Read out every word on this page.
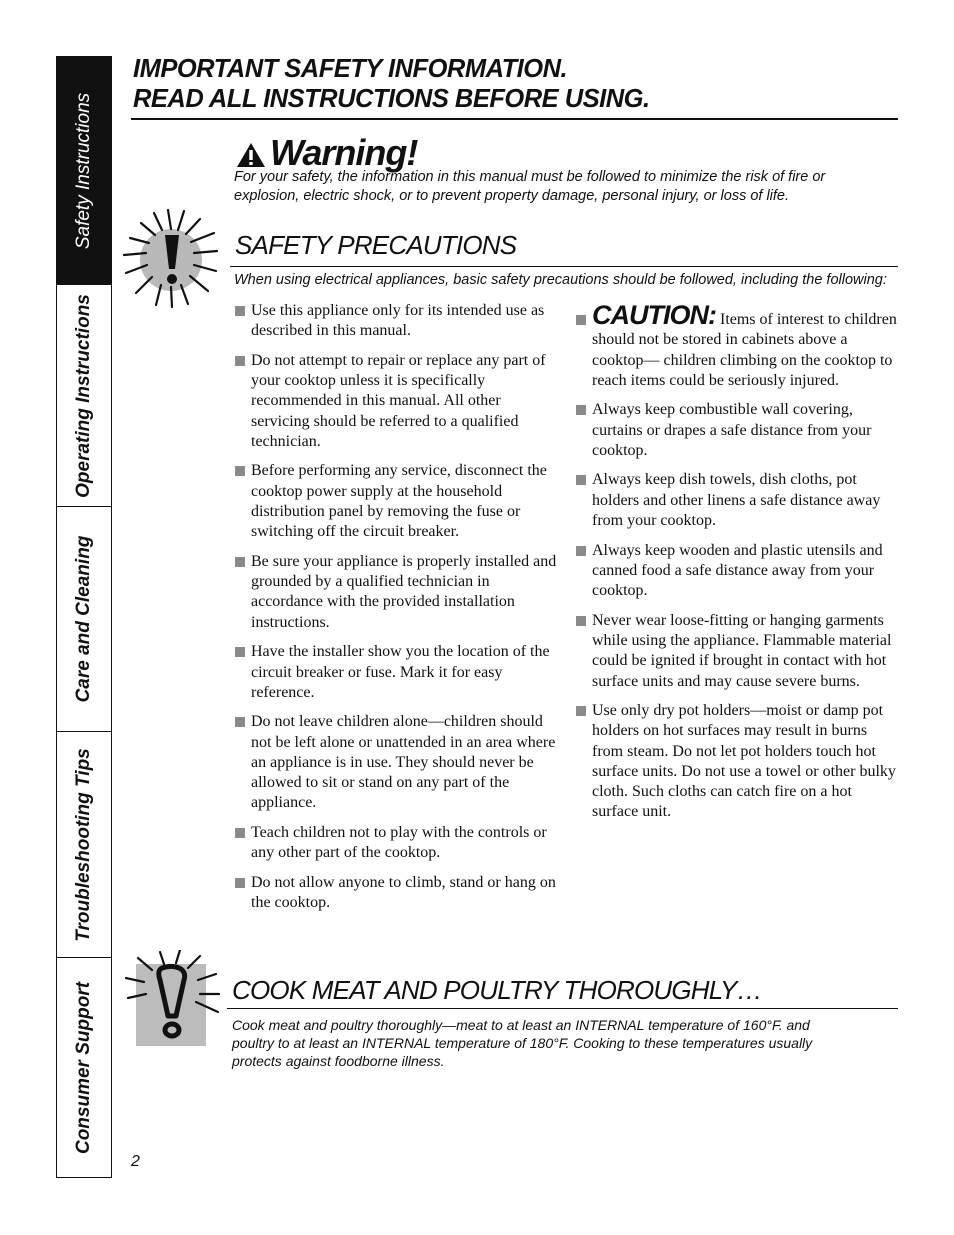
Safety Instructions
Operating Instructions
Care and Cleaning
Troubleshooting Tips
Consumer Support
IMPORTANT SAFETY INFORMATION.
READ ALL INSTRUCTIONS BEFORE USING.
Warning!
For your safety, the information in this manual must be followed to minimize the risk of fire or explosion, electric shock, or to prevent property damage, personal injury, or loss of life.
SAFETY PRECAUTIONS
When using electrical appliances, basic safety precautions should be followed, including the following:
Use this appliance only for its intended use as described in this manual.
Do not attempt to repair or replace any part of your cooktop unless it is specifically recommended in this manual. All other servicing should be referred to a qualified technician.
Before performing any service, disconnect the cooktop power supply at the household distribution panel by removing the fuse or switching off the circuit breaker.
Be sure your appliance is properly installed and grounded by a qualified technician in accordance with the provided installation instructions.
Have the installer show you the location of the circuit breaker or fuse. Mark it for easy reference.
Do not leave children alone—children should not be left alone or unattended in an area where an appliance is in use. They should never be allowed to sit or stand on any part of the appliance.
Teach children not to play with the controls or any other part of the cooktop.
Do not allow anyone to climb, stand or hang on the cooktop.
CAUTION: Items of interest to children should not be stored in cabinets above a cooktop— children climbing on the cooktop to reach items could be seriously injured.
Always keep combustible wall covering, curtains or drapes a safe distance from your cooktop.
Always keep dish towels, dish cloths, pot holders and other linens a safe distance away from your cooktop.
Always keep wooden and plastic utensils and canned food a safe distance away from your cooktop.
Never wear loose-fitting or hanging garments while using the appliance. Flammable material could be ignited if brought in contact with hot surface units and may cause severe burns.
Use only dry pot holders—moist or damp pot holders on hot surfaces may result in burns from steam. Do not let pot holders touch hot surface units. Do not use a towel or other bulky cloth. Such cloths can catch fire on a hot surface unit.
COOK MEAT AND POULTRY THOROUGHLY…
Cook meat and poultry thoroughly—meat to at least an INTERNAL temperature of 160°F. and poultry to at least an INTERNAL temperature of 180°F. Cooking to these temperatures usually protects against foodborne illness.
2
